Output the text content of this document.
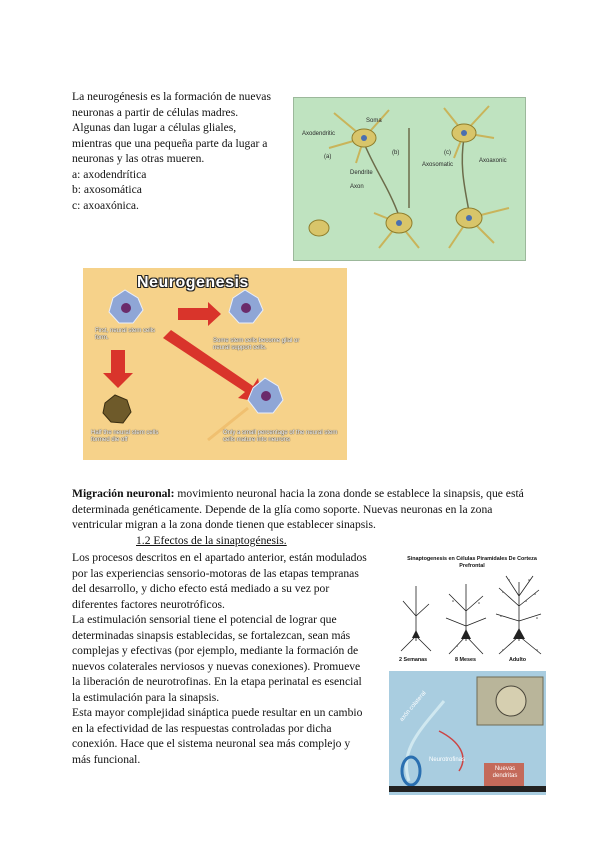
La neurogénesis es la formación de nuevas

neuronas a partir de células madres.

Algunas dan lugar a células gliales,

mientras que una pequeña parte da lugar a

neuronas y las otras mueren.

a: axodendrítica

b: axosomática

c: axoaxónica.

Axodendritic
Soma
Dendrite
Axosomatic
Axoaxonic
Axon
(a)
(b)	(c)
Neurogenesis
First, neural stem cells form.	Some stem cells become glial or neural support cells.
Half the neural stem cells formed die off
Only a small percentage of the neural stem cells mature into neurons
Migración neuronal: movimiento neuronal hacia la zona donde se establece la sinapsis, que está determinada genéticamente. Depende de la glía como soporte. Nuevas neuronas en la zona ventricular migran a la zona donde tienen que establecer sinapsis.
1.2 Efectos de la sinaptogénesis.

Los procesos descritos en el apartado anterior, están modulados

por las experiencias sensorio-motoras de las etapas tempranas

del desarrollo, y dicho efecto está mediado a su vez por

diferentes factores neurotróficos.

La estimulación sensorial tiene el potencial de lograr que

determinadas sinapsis establecidas, se fortalezcan, sean más

complejas y efectivas (por ejemplo, mediante la formación de

nuevos colaterales nerviosos y nuevas conexiones). Promueve

la liberación de neurotrofinas. En la etapa perinatal es esencial

la estimulación para la sinapsis.

Esta mayor complejidad sináptica puede resultar en un cambio

en la efectividad de las respuestas controladas por dicha

conexión. Hace que el sistema neuronal sea más complejo y

más funcional.

Sinaptogenesis en Células Piramidales De Corteza Prefrontal
2 Semanas	8 Meses	Adulto
axón colateral
Neurotrofinas
Nuevas dendritas
